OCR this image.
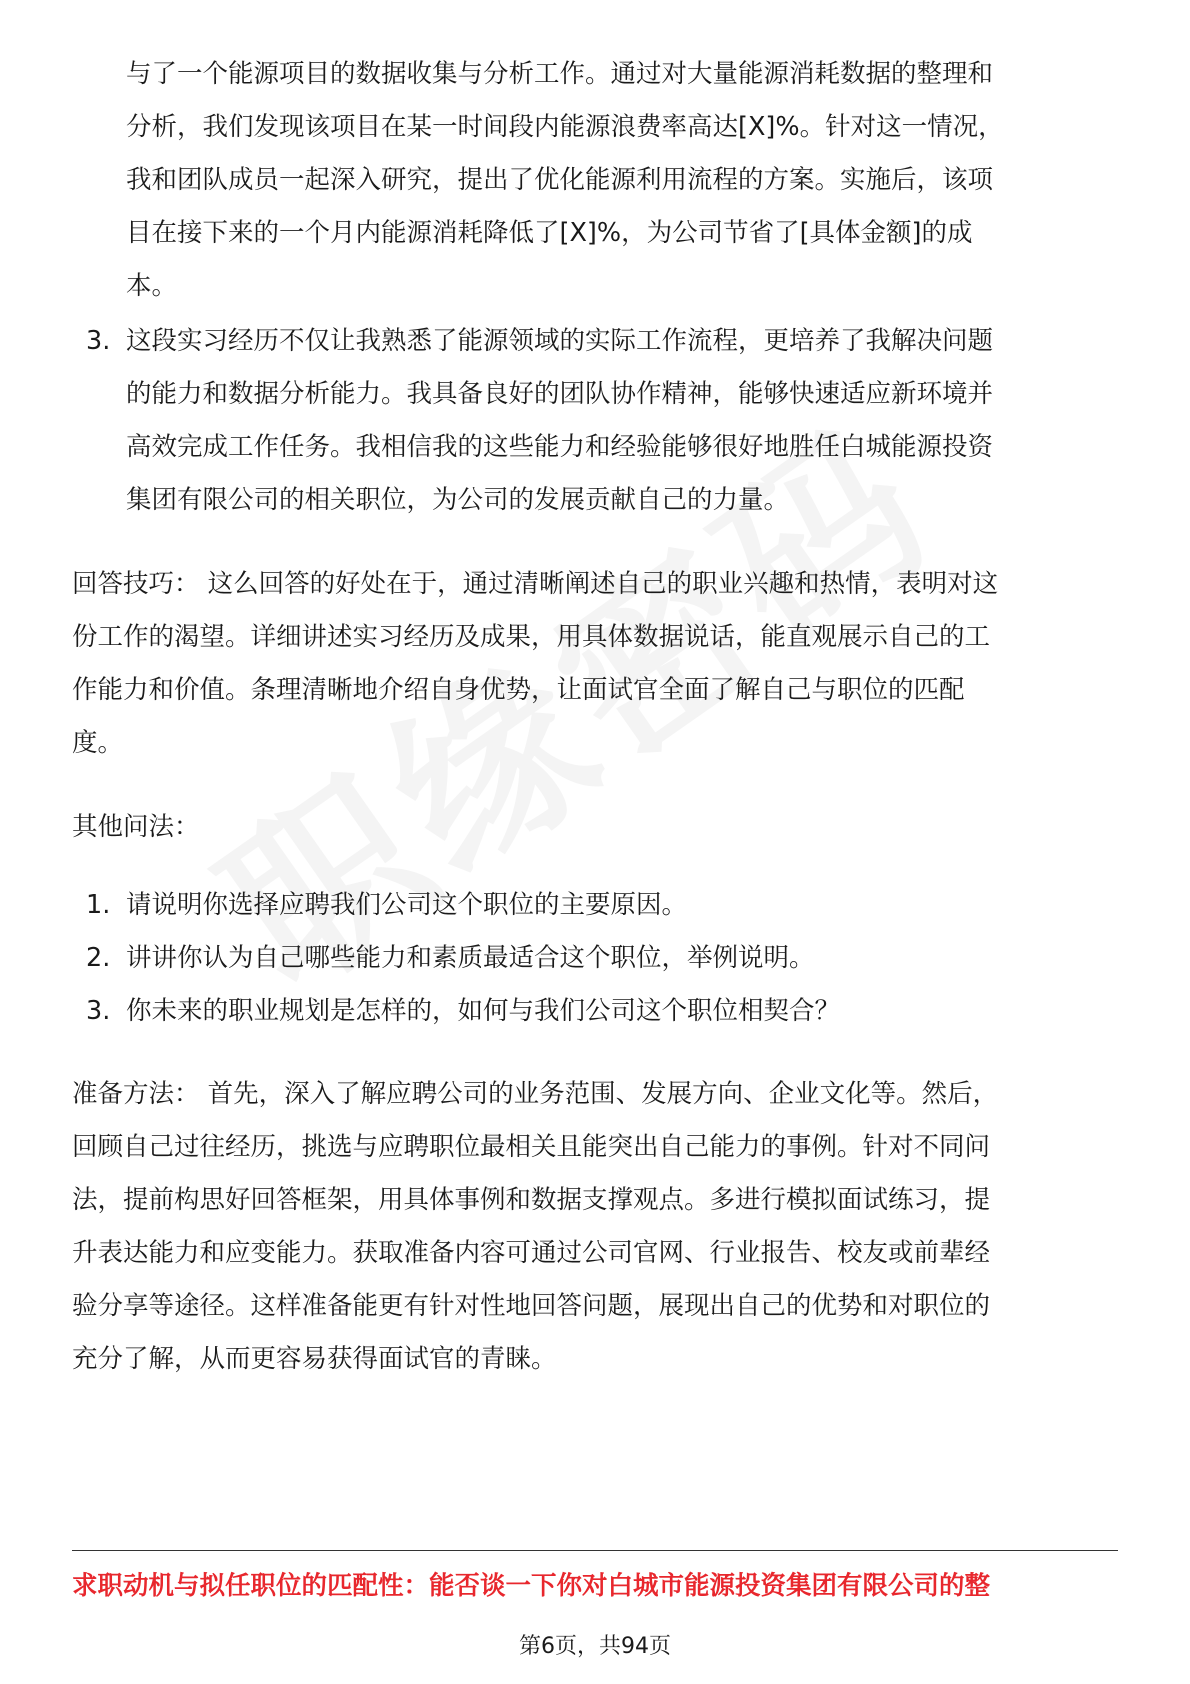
与了一个能源项目的数据收集与分析工作。通过对大量能源消耗数据的整理和
分析，我们发现该项目在某一时间段内能源浪费率高达[X]%。针对这一情况，
我和团队成员一起深入研究，提出了优化能源利用流程的方案。实施后，该项
目在接下来的一个月内能源消耗降低了[X]%，为公司节省了[具体金额]的成
本。
3. 这段实习经历不仅让我熟悉了能源领域的实际工作流程，更培养了我解决问题
的能力和数据分析能力。我具备良好的团队协作精神，能够快速适应新环境并
高效完成工作任务。我相信我的这些能力和经验能够很好地胜任白城能源投资
集团有限公司的相关职位，为公司的发展贡献自己的力量。
回答技巧： 这么回答的好处在于，通过清晰阐述自己的职业兴趣和热情，表明对这
份工作的渴望。详细讲述实习经历及成果，用具体数据说话，能直观展示自己的工
作能力和价值。条理清晰地介绍自身优势，让面试官全面了解自己与职位的匹配
度。
其他问法：
1. 请说明你选择应聘我们公司这个职位的主要原因。
2. 讲讲你认为自己哪些能力和素质最适合这个职位，举例说明。
3. 你未来的职业规划是怎样的，如何与我们公司这个职位相契合？
准备方法： 首先，深入了解应聘公司的业务范围、发展方向、企业文化等。然后，
回顾自己过往经历，挑选与应聘职位最相关且能突出自己能力的事例。针对不同问
法，提前构思好回答框架，用具体事例和数据支撑观点。多进行模拟面试练习，提
升表达能力和应变能力。获取准备内容可通过公司官网、行业报告、校友或前辈经
验分享等途径。这样准备能更有针对性地回答问题，展现出自己的优势和对职位的
充分了解，从而更容易获得面试官的青睐。
求职动机与拟任职位的匹配性：能否谈一下你对白城市能源投资集团有限公司的整
第6页，共94页
